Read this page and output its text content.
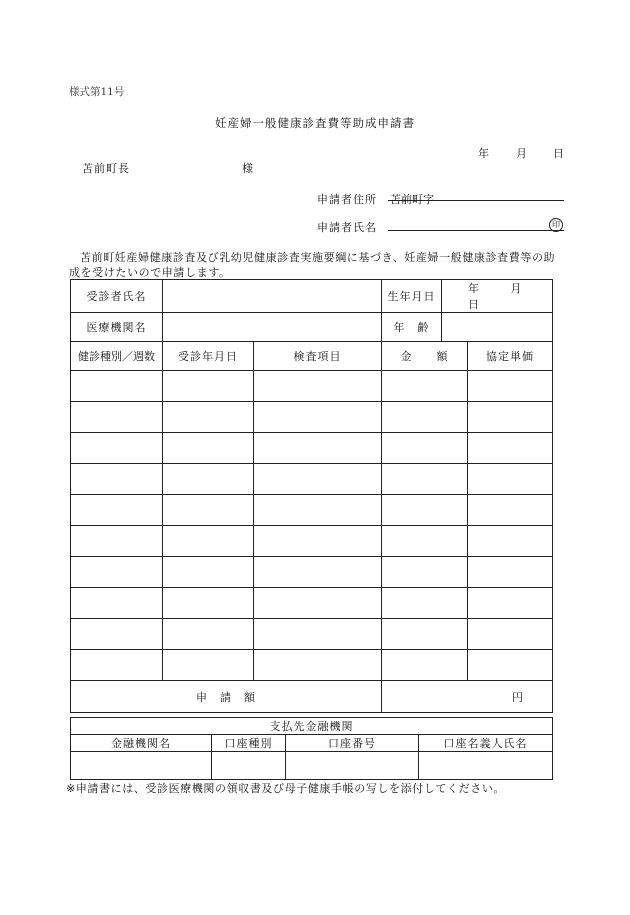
様式第11号
妊産婦一般健康診査費等助成申請書
年 月 日
苫前町長	様
申請者住所 苫前町字
申請者氏名	印
苫前町妊産婦健康診査及び乳幼児健康診査実施要綱に基づき、妊産婦一般健康診査費等の助成を受けたいので申請します。
受診者氏名			生年月日	年 月 日	
医療機関名			年　齢		
健診種別／週数	受診年月日	検査項目	金　　額		協定単価

申　請　額			円		
支払先金融機関			
金融機関名	口座種別	口座番号	口座名義人氏名

※申請書には、受診医療機関の領収書及び母子健康手帳の写しを添付してください。
